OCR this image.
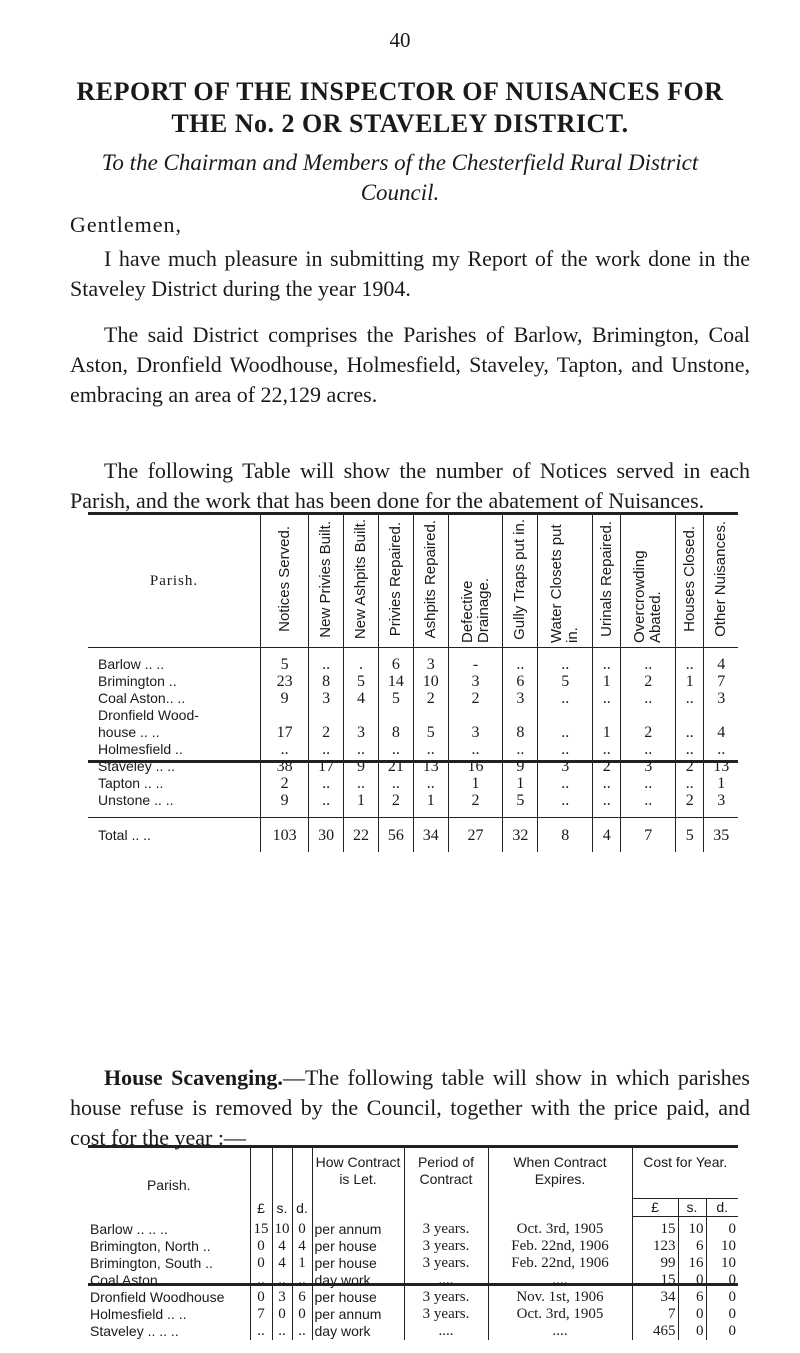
40
REPORT OF THE INSPECTOR OF NUISANCES FOR THE No. 2 OR STAVELEY DISTRICT.
To the Chairman and Members of the Chesterfield Rural District Council.
Gentlemen,
I have much pleasure in submitting my Report of the work done in the Staveley District during the year 1904.
The said District comprises the Parishes of Barlow, Brimington, Coal Aston, Dronfield Woodhouse, Holmesfield, Staveley, Tapton, and Unstone, embracing an area of 22,129 acres.
The following Table will show the number of Notices served in each Parish, and the work that has been done for the abatement of Nuisances.
Parish.	Notices Served.	New Privies Built.	New Ashpits Built.	Privies Repaired.	Ashpits Repaired.	Defective Drainage.	Gully Traps put in.	Water Closets put in.	Urinals Repaired.	Overcrowding Abated.	Houses Closed.	Other Nuisances.
Barlow .. ..	5	..	.	6	3	-	..	..	..	..	..	4
Brimington ..	23	8	5	14	10	3	6	5	1	2	1	7
Coal Aston.. ..	9	3	4	5	2	2	3	..	..	..	..	3
Dronfield Wood-												
house .. ..	17	2	3	8	5	3	8	..	1	2	..	4
Holmesfield ..	..	..	..	..	..	..	..	..	..	..	..	..
Staveley .. ..	38	17	9	21	13	16	9	3	2	3	2	13
Tapton .. ..	2	..	..	..	..	1	1	..	..	..	..	1
Unstone .. ..	9	..	1	2	1	2	5	..	..	..	2	3
Total .. ..	103	30	22	56	34	27	32	8	4	7	5	35
House Scavenging.—The following table will show in which parishes house refuse is removed by the Council, together with the price paid, and cost for the year :—
Parish.	£	s.	d.	How Contract is Let.	Period of Contract	When Contract Expires.	Cost for Year.		
							£	s.	d.
Barlow .. .. ..	15	10	0	per annum	3 years.	Oct. 3rd, 1905	15	10	0
Brimington, North ..	0	4	4	per house	3 years.	Feb. 22nd, 1906	123	6	10
Brimington, South ..	0	4	1	per house	3 years.	Feb. 22nd, 1906	99	16	10
Coal Aston .. ..	..	..	..	day work	....	....	15	0	0
Dronfield Woodhouse	0	3	6	per house	3 years.	Nov. 1st, 1906	34	6	0
Holmesfield .. ..	7	0	0	per annum	3 years.	Oct. 3rd, 1905	7	0	0
Staveley .. .. ..	..	..	..	day work	....	....	465	0	0
